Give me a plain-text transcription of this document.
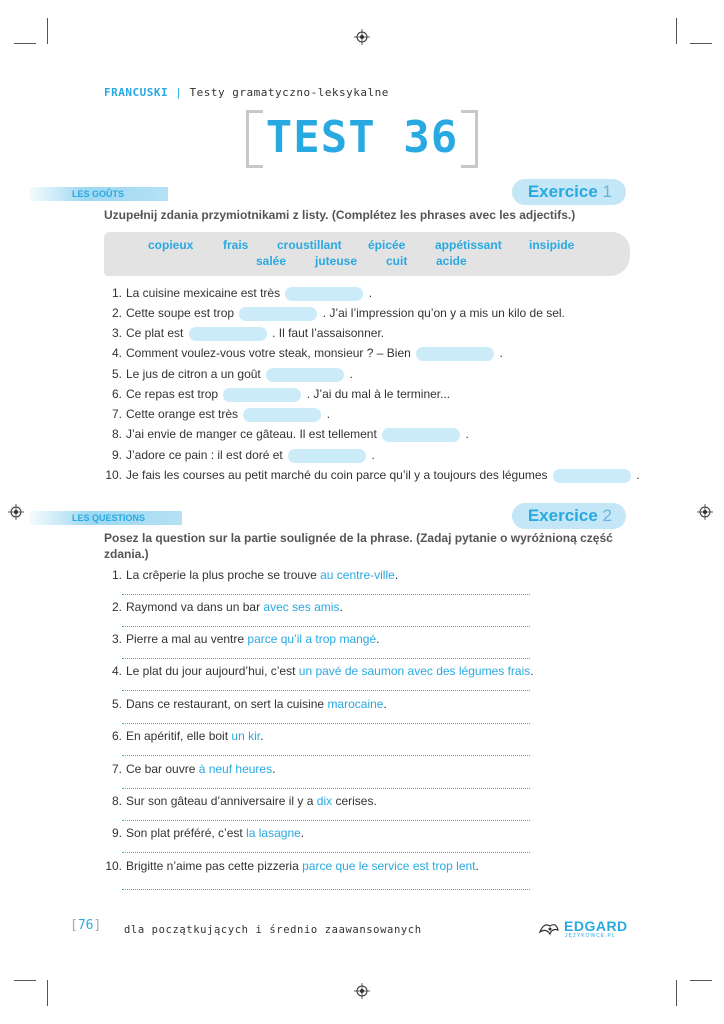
FRANCUSKI | Testy gramatyczno-leksykalne
TEST 36
LES GOÛTS	Exercice 1
Uzupełnij zdania przymiotnikami z listy. (Complétez les phrases avec les adjectifs.)
copieux frais croustillant épicée appétissant insipide
salée juteuse cuit acide
1. La cuisine mexicaine est très	.
2. Cette soupe est trop	. J’ai l’impression qu’on y a mis un kilo de sel.
3. Ce plat est	. Il faut l’assaisonner.
4. Comment voulez-vous votre steak, monsieur ? – Bien	.
5. Le jus de citron a un goût	.
6. Ce repas est trop	. J’ai du mal à le terminer...
7. Cette orange est très	.
8. J’ai envie de manger ce gâteau. Il est tellement	.
9. J’adore ce pain : il est doré et	.
10. Je fais les courses au petit marché du coin parce qu’il y a toujours des légumes	.
LES QUESTIONS	Exercice 2
Posez la question sur la partie soulignée de la phrase. (Zadaj pytanie o wyróżnioną część
zdania.)
1. La crêperie la plus proche se trouve au centre-ville.
2. Raymond va dans un bar avec ses amis.
3. Pierre a mal au ventre parce qu’il a trop mangé.
4. Le plat du jour aujourd’hui, c’est un pavé de saumon avec des légumes frais.
5. Dans ce restaurant, on sert la cuisine marocaine.
6. En apéritif, elle boit un kir.
7. Ce bar ouvre à neuf heures.
8. Sur son gâteau d’anniversaire il y a dix cerises.
9. Son plat préféré, c’est la lasagne.
10. Brigitte n’aime pas cette pizzeria parce que le service est trop lent.
[76] dla początkujących i średnio zaawansowanych	EDGARD
JĘZYKOWCE.PL
